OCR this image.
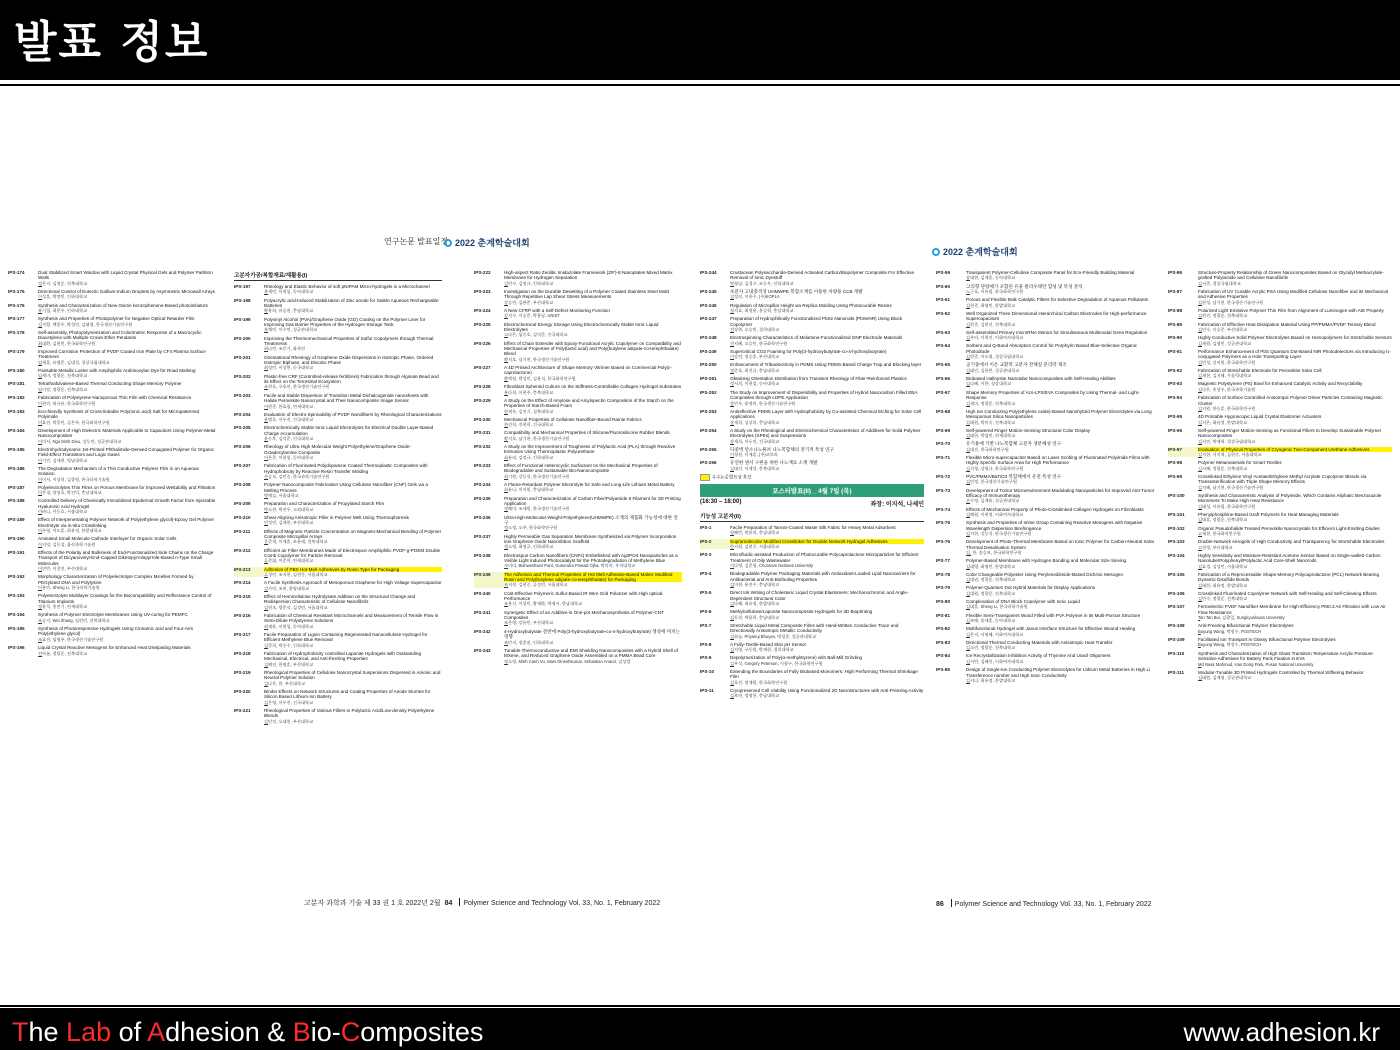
발표 정보
연구논문 발표일정 2022 춘계학술대회
IPS-174	Dual Stabilized Smart Window with Liquid Crystal Physical Gels and Polymer Partition Walls
정은지, 김정운, 전북대학교
IPS-175	Directional Control of Eutectic Gallium-Indium Droplets by Asymmetric Microwall Arrays
이성훈, 박정민, 인하대학교
IPS-176	Synthesis and Characterization of New Oxime benzophenone-Based photoinitiators
유기철, 최준우, 인하대학교
IPS-177	Synthesis and Properties of Photopolymer for Negative Optical Retarder Film
김가람, 백종우, 박성민, 김태형, 한국생산기술연구원
IPS-178	Self-assembly, Photopolymerization and Colorimetric Response of a Macrocyclic Diacetylene with Multiple Crown Ether Pendants
최대환, 김현민, 한국화학연구원
IPS-179	Improved Corrosion Protection of PVDF Coated Iron Plate by CF4 Plasma Surface Treatment
임재훈, 유형준, 김대성, 경상국립대학교
IPS-180	Paintable Metallic Luster with Amphiphilic Arabinoxylan Dye for Road Marking
임세미, 정광운, 전북대학교
IPS-181	Tetrathiafulvalene-Based Thermal Conducting Shape Memory Polymer
임이장, 정광운, 전북대학교
IPS-182	Fabrication of Polystyrene Nanoporous Thin Film with Chemical Resistance
이현진, 허규용, 한국화학연구원
IPS-183	Eco-friendly Synthesis of Cross-linkable Poly(ionic acid) Salt for Micropatterned Polyimide
이효진, 박종민, 김은주, 한국화학연구원
IPS-184	Development of High Dielectric Materials Applicable to Capacitors Using Polymer-Metal Nanocomposites
이미서, Ngo Minh Dieu, 강동연, 성균관대학교
IPS-185	Electrohydrodynamic Jet-Printed Phthalimide-Derived Conjugated Polymer for Organic Field-Effect Transistors and Logic Gates
이기연, 김세현, 영남대학교
IPS-186	The Degradation Mechanism of a Thin Conductive Polymer Film in an Aqueous Solution
이미서, 이상희, 김종원, 한국과학기술원
IPS-187	Polyelectrolytes Thin Films on Porous Membrane for Improved Wettability and Filtration
이은경, 양성호, 박진덕, 충남대학교
IPS-188	Controlled Delivery of Chemically Immobilized Epidermal Growth Factor from Injectable Hyaluronic Acid Hydrogel
이바니, 이동호, 서울대학교
IPS-189	Effect of Interpenetrating Polymer Network of Poly(ethylene glycol)-Epoxy Gel Polymer Electrolyte via in-situ Crosslinking
이우영, 이도훈, 최유정, 한밭대학교
IPS-190	Aminated Small Molecule Cathode Interlayer for Organic Solar Cells
이지녕, 김동섭, 울산과학기술원
IPS-191	Effects of the Polarity and Bulkiness of End-Functionalized Side Chains on the Charge Transport of Dicyanovinyl-End-Capped Diketopyrrolopyrrole-Based n-Type Small Molecules
이민빈, 이창진, 부산대학교
IPS-192	Morphology Characterization of Polyelectrolyte Complex Micelles Formed by PEGylated DNA and Polylysine
이용민, Sheng Li, 한국과학기술원
IPS-193	Polyelectrolyte Multilayer Coatings for the Biocompatibility and Reflectance Control of Titanium Implants
정윤석, 홍진기, 연세대학교
IPS-194	Synthesis of Polymer Electrolyte Membranes Using UV-curing for PEMFC
조승지, Wei Zhang, 임현빈, 전북대학교
IPS-195	Synthesis of Photoresponsive Hydrogels Using Cinnamic acid and Four-Arm Poly(ethylene glycol)
조효진, 임영주, 한국생산기술연구원
IPS-196	Liquid Crystal Reactive Mesogens for Enhanced Heat Dissipating Materials
전아름, 정광운, 전북대학교
고분자가공/복합재료/재활용(I)
IPS-197	Rheology and Elastic Behavior of soft pNIPAM Micro-hydrogels in a Microchannel
홍세민, 이현섭, 동아대학교
IPS-198	Polyacrylic acid-Induced Stabilization of Zinc anode for Stable Aqueous Rechargeable Batteries
황윤하, 유승현, 충남대학교
IPS-199	Polyvinyl Alcohol (PVA)/Graphene Oxide (GO) Coating on the Polymer Liner for Improving Gas Barrier Properties of the Hydrogen Storage Tank
홍채빈, 이수연, 성균관대학교
IPS-200	Improving the Thermomechanical Properties of Sulfur Copolymers through Thermal Treatments
최나린, 조문기, 화학연
IPS-201	Orientational Rheology of Graphene Oxide Dispersions in Isotropic Phase, Ordered Isotropic Biphase, and Discotic Phase
최성민, 이창현, 동국대학교
IPS-202	Plastic-free CRF (Controlled-release fertilizers) Fabrication through Alginate Bead and its Effect on the Terrestrial Ecosystem
조현호, 구호연, 한국생산기술연구원
IPS-203	Facile and Stable Dispersion of Transition Metal Dichalcogenide nanosheets with Halide Perovskite Nanocrystal and Their Nanocomposite Image Sensor
이현준, 한효철, 연세대학교
IPS-204	Evaluation of Electro-Spinnability of PVDF Nanofibers by Rheological Characterizations
윤병호, 이두진, 건국대학교
IPS-205	Electrochemically Stable Ionic Liquid Electrolytes for Electrical Double Layer-Based Charge Accumulation
윤동후, 김덕준, 건국대학교
IPS-206	Rheology of Ultra High Molecular Weight Polyethylene/Graphene Oxide-Octadecylamine Composite
이은준, 이현섭, 동아대학교
IPS-207	Fabrication of Fluorinated Polydopamine Coated Thermoplastic Composites with Hydrophobicity by Reactive Resin Transfer Molding
손승모, 김민중, 한국과학기술연구원
IPS-208	Polymer Nanocomposite Fabrication Using Cellulose Nanofiber (CNF) Gels via a Melting Process
박예슬, 서울대학교
IPS-209	Preparation and Characterization of Propylated Starch Film
박소현, 박진우, 고려대학교
IPS-210	Shear Aligning Anisotropic Filler in Polymer Melt Using Thermophoresis
민성연, 김재현, 부산대학교
IPS-211	Effects of Magnetic Particle Concentration on Magneto-Mechanical Bending of Polymer Composite Micropillar Arrays
문준혁, 이재훈, 조용래, 전북대학교
IPS-212	Efficient air Filter Membranes Made of Electrospun Amphiphilic PVDF-g-POEM Double Comb Copolymer for Particle Removal
류준휘, 이준희, 연세대학교
IPS-213	Adhesion of PBS Hot-Melt Adhesives by Rosin Type for Packaging
류성민, 조지현, 김현중, 서울대학교
IPS-214	A Facile Synthesis Approach of Mesoporous Graphene for High Voltage Supercapacitor
김가연, 조현, 한양대학교
IPS-215	Effect of Hemicellulose Hydrolysate Addition on the Structural Change and Redispersion Characteristic of Cellulose Nanofibrils
김현오, 방준식, 김경민, 서울대학교
IPS-216	Fabrication of Chemical Resistant Microchannels and Measurement of Tensile Flow in Semi-Dilute Polystyrene Solutions
최재윤, 이현섭, 동아대학교
IPS-217	Facile Preparation of Lignin Containing Regenerated Nanocellulose Hydrogel for Efficient Methylene Blue Removal
김준희, 박중수, 인하대학교
IPS-218	Fabrication of Hydrophobicity controlled Laponite Hydrogels with Outstanding Mechanical, Electrical, and Anti-freezing Properties
김해진, 한영훈, 부산대학교
IPS-219	Rheological Properties of Cellulose Nanocrystal Suspensions Dispersed in Anionic and Neutral Polymer Solution
김나은, 한, 부산대학교
IPS-220	Binder Effects on Network Structures and Coating Properties of Anode Slurries for Silicon Based Lithium-Ion Battery
김은영, 이두진, 건국대학교
IPS-221	Rheological Properties of Various Fillers in Polylactic Acid/Low-density Polyethylene Blends
김민진, 오대현, 부산대학교
IPS-222	High-aspect Ratio Zeolitic Imidazolate Framework (ZIF)-8 Nanoplates Mixed Matrix Membrane for Hydrogen Separation
김민수, 김정규, 인하대학교
IPS-223	Investigation on the Durable Dewetting of a Polymer Coated Stainless Steel Mold Through Repetitive Lap Shear Stress Measurements
강승연, 김판준, 부산대학교
IPS-224	A New CFRP with a Self-Defect Monitoring Function
강지수, 이승준, 박용남, UNIST
IPS-225	Electrochemical Energy Storage Using Electrochemically Stable Ionic Liquid Electrolytes
고다은, 임동호, 김덕준, 건국대학교
IPS-226	Effect of Chain Extender with Epoxy-Functional Acrylic Copolymer on Compatibility and Mechanical Properties of Poly(lactic acid) and Poly(butylene adipate-co-terephthalate) Blend
황지호, 남기현, 한국생산기술연구원
IPS-227	A 4D Printed Architecture of Shape Memory Vitrimer Based on Commercial Poly(ε-caprolactone)
황예원, 박성민, 김용석, 한국화학연구원
IPS-228	Fibroblast Spheroid Culture on the Stiffness-Controllable Collagen Hydrogel Substrates
홍다희, 이현주, 충북대학교
IPS-229	A Study on the Effect of Amylose and Amylopectin Composition of the Starch on the Properties of Starch-Based Foam
한재우, 김진기, 경북대학교
IPS-230	Mechanical Properties of Cellulose Nanofiber-Bound Ramie Fabrics
한선희, 진현희, 건국대학교
IPS-231	Compatibility and Mechanical Properties of Silicone/Fluorosilicone Rubber Blends
황지호, 남기현, 한국생산기술연구원
IPS-232	A Study on the Improvement of Toughness of Polylactic Acid (PLA) through Reactive Extrusion Using Thermoplastic Polyurethane
최유리, 김정규, 인하대학교
IPS-233	Effect of Functional Heterocyclic Surfactant on the Mechanical Properties of Biodegradable and Sustainable Bio-Nanocomposite
최기원, 강동석, 한국생산기술연구원
IPS-234	A Flame-Retardant Polymer Electrolyte for Safe and Long-Life Lithium Metal Battery
최유나, 이지원, 충남대학교
IPS-235	Preparation and Characterization of Carbon Fiber/Polyamide 6 Filament for 3D Printing Application
정혜미, 조세원, 한국생산기술연구원
IPS-236	Ultra-High-Molecular-Weight-Polyethylene(UHMWPE) 소재의 제품화 가능성에 대한 연구
정소정, 오주, 한국화학연구원
IPS-237	Highly Permeable Gas Separation Membrane Synthesized via Polymer Incorporation into Graphene Oxide Nanoribbon Scaffold
정소영, 최정균, 인하대학교
IPS-238	Electrospun Carbon Nanofibers (CNFs) Embellished with Ag3PO4 Nanoparticles as a Visible Light Induced Photocatalyst for the Photodegradation of Methylene Blue
자미라, Bishweshwar Pant, Gunendra Prasad Ojha, 박미라, 우석대학교
IPS-239	The Adhesion and Thermal Properties of Hot Melt Adhesive-Based Maleic Modified Rosin and Poly(butylene adipate-co-terephthalate) for Packaging
조지현, 김현중, 류성민, 서울대학교
IPS-240	Cost-Effective Polymeric Sulfur-Based IR Wire Grid Polarizer with High optical Performance
조용신, 이성민, 황재환, 박재서, 한남대학교
IPS-241	Synergetic Effect of an Additive in One-pot Mechanosynthesis of Polymer-CNT Composites
조은영, 강유민, 부산대학교
IPS-242	4-Hydroxybutyrate 전반에 Poly(3-hydroxybutyrate-co-4-hydroxybutyrate) 생성에 미치는 영향
조민지, 정종권, 인하대학교
IPS-243	Tunable Thermoconductive and EMI Shielding Nanocomposites with a Hybrid Shell of MXene, and Reduced Graphene Oxide Assembled on a PMMA Bead Core
정소영, Minh Canh Vu, Mani Dineshkumar, Sebastian Anand, 김성렬
고분자 과학과 기술 제 33 권 1 호 2022년 2월 84 Polymer Science and Technology Vol. 33, No. 1, February 2022
IPS-244	Crustacean Polysaccharide-Derived Activated Carbon/Biopolymer Composite For Effective Removal of Ionic Dyestuff
박형남, 김경구, 조동우, 인하대학교
IPS-245	초분자 고내충격성 UHMWPE 복합소재를 이용한 차량용 CCB 개발
김성진, 이홍수, (주)KOPLA
IPS-246	Regulation of Micropillar Height via Replica Molding Using Photocurable Resins
정지효, 최정윤, 홍승혁, 충남대학교
IPS-247	Preparation of Hydrophilically Functionalized PbSe Nanorods (PbSeNR) Using Block Copolymer
전상현, 오승민, 경희대학교
IPS-248	Electrospinning Characteristics of Melamine-Functionalized GNP Electrode Materials
진지혜, 오승민, 한국화학연구원
IPS-249	Supercritical CO2 Foaming for Poly(3-hydroxybutyrate-co-4-hydroxybutyrate)
이강연, 정승훈, 부산대학교
IPS-250	Enhancement of Triboelectricity in PDMS Using PDMS-Based Charge Trap and Blocking layer
정준호, 최진규, 충남대학교
IPS-251	Obtaining Orientation Distribution from Transient Rheology of Fiber-Reinforced Plastics
정서희, 이현섭, 동아대학교
IPS-252	The Study on Improvement of Dispersibility and Properties of Hybrid Nanocarbon Filled EBA Composites through LDPE Application
장민우, 윤정민, 한국생산기술연구원
IPS-253	Antireflective PDMS Layer with Hydrophobicity by Cu-assisted Chemical Etching for Solar Cell Applications
장세희, 김상희, 충남대학교
IPS-254	A Study on the Rheological and Electrochemical Characteristics of Additives for Solid Polymer Electrolytes (SPEs) and Suspensions
장세희, 이두진, 건국대학교
IPS-255	다중벽 탄소나노튜브 나노복합체의 전기적 특성 연구
이청원, 이재훈, (주)코브라
IPS-256	유연한 센서 구현을 위한 나노재료 소재 개발
김대진, 이재성, 충북대학교
우수논문발표상 후보
포스터발표(II) _ 4월 7일 (목)
(16:30 – 18:00)	좌장: 이지석, 나세인
기능성 고분자(II)
IPS-1	Facile Preparation of Tannin-Coated Waste Silk Fabric for Heavy Metal Adsorbent
정혜빈, 박윤희, 충남대학교
IPS-2	Supramolecular Modified Crosslinker for Double Network Hydrogel Adhesives
한지원, 김현중, 서울대학교
IPS-3	Microfluidic-assisted Production of Photocurable Polycaprolactone Microparticles for Efficient Treatment of Oily Wastewater
이다영, 김준형, Chonnam National University
IPS-4	Biodegradable Polymer Packaging Materials with Antioxidant-Loaded Lipid Nanocarriers for Antibacterial and Anti-Biofouling Properties
김미현, 윤진수, 충남대학교
IPS-5	Direct Ink Writing of Cholesteric Liquid Crystal Elastomers: Mechanochromic and Angle-Dependent Structural Color
김다혜, 최유정, 한밭대학교
IPS-6	Methylcellulose/Laponite Nanocomposite Hydrogels for 3D Bioprinting
김동현, 박윤희, 충남대학교
IPS-7	Stretchable Liquid Metal Composite Films with Hand-Written Conductive Trace and Directionally Anisotropic Metallic Conductivity
김하늘, Priyanuj Bhuyan, 박성준, 성균관대학교
IPS-8	A Fully-Textile-Based Skin pH Sensor
김지영, 구동원, 박재현, 경희대학교
IPS-9	Depolymerization of Poly(α-methylstyrene) with Ball-Mill Grinding
김우석, Gregory Peterson, 이향구, 한국화학연구원
IPS-10	Extending the Boundaries of Fully Biobased Monomers: High Performing Thermal Shrinkage Film
김호진, 정재원, 한국화학연구원
IPS-11	Cryopreserved Cell Viability Using Functionalized 2D Nanostructures with Anti-Freezing Activity
김보연, 정영헌, 충남대학교
2022 춘계학술대회
IPS-59	Transparent Polymer-Cellulose Composite Panel for Eco-Friendly Building Material
송대현, 김재훈, 동아대학교
IPS-60	고리형 단량체가 포함된 유용 폴리우레탄 합성 및 특성 분석
노근호, 이유림, 한국화학연구원
IPS-61	Porous and Flexible Bulk Catalytic Filters for Selective Degradation of Aqueous Pollutants
김현준, 최영민, 한밭대학교
IPS-62	Well Organized Three Dimensional Hierarchical Carbon Electrodes for High-performance Supercapacitors
김현준, 김현선, 전북대학교
IPS-63	Self-assembled Primary microRNA Mimics for Simultaneous Multimodal Gene Regulation
김주아, 이혁진, 이화여자대학교
IPS-64	Sorbent and Q-Band Absorption Control for Porphyrin Based Blue-Selective Organic Photodiode
김현준, 이도영, 경상국립대학교
IPS-65	공기중에서 이온 교환막 고분자 전해질 분리막 제조
김태인, 김용빈, 성균관대학교
IPS-66	Biobased Halloysite Nanotube Nanocomposites with Self-Healing Abilities
김다혜, 이한, 경상대학교
IPS-67	Shape Memory Properties of Azo-LPS/EVA Composites by Using Thermal- and Light-Response
김새미, 정광운, 전북대학교
IPS-68	High Ion Conducting Poly(ethylene oxide)-Based Nanohybrid Polymer Electrolytes via Long Mesoporous Silica Nanoparticles
김태원, 박미숙, 전북대학교
IPS-69	Self-powered Finger Motion-Sensing Structural Color Display
김태헌, 박철민, 연세대학교
IPS-70	유기용매 기반 나노복합체 고분자 생분해성 연구
김대진, 한국화학연구원
IPS-71	Flexible Micro-supercapacitor Based on Laser Scribing of Fluorinated Polyimide Films with Highly Specific Surface Area for High Performance
김지형, 강형규, 한국화학연구원
IPS-72	PVC/PMMA/BaTiO3 복합체에서 유전 특성 연구
김민정, 한국생산기술연구원
IPS-73	Development of Tumor Microenvironment-Modulating Nanoparticles for Improved Anti-Tumor Efficacy of Immunotherapy
손수정, 김재윤, 성균관대학교
IPS-74	Effects of Mechanical Property of Photo-Crosslinked Collagen Hydrogels on Fibroblasts
김해원, 이현정, 이화여자대학교
IPS-75	Synthesis and Properties of Imine Group Containing Reactive Mesogens with Negative Wavelength Dispersion Birefringence
김지현, 강동석, 한국생산기술연구원
IPS-76	Development of Photo-Thermal Membrane Based on Ionic Polymer for Carbon-Neutral Solar Thermal Desalination System
김, 한, 송승보, 한국화학연구원
IPS-77	Polymer-Based Membrane with Hydrogen Bonding and Molecular Size Sieving
김대영, 최영민, 한밭대학교
IPS-78	Color Changeable Polyester Using Perylenediimide-Based Dichroic Mesogen
김대권, 정광운, 전북대학교
IPS-79	Polymer-Quantum Dot Hybrid Materials for Display Applications
김대원, 정광운, 전북대학교
IPS-80	Complexation of DNA Block Copolymer with Ionic Liquid
김대훈, Sheng Li, 한국과학기술원
IPS-81	Flexible Semi-Transparent Wood Filled with PVA Polymer in its Multi-Porous Structure
김보배, 송세훈, 동아대학교
IPS-82	Multifunctional Hydrogel with Janus Interface Structure for Effective Wound Healing
김은지, 서영혜, 이화여자대학교
IPS-83	Directional Thermal Conducting Materials with Anisotropic Heat Transfer
김소민, 정광운, 전북대학교
IPS-84	Ice Recrystallization Inhibition Activity of Thymine And Uracil Oligomers
김서란, 김혜진, 이화여자대학교
IPS-85	Design of Single-Ion Conducting Polymer Electrolytes for Lithium Metal Batteries in High Li Transference number and High Ionic Conductivity
김지나, 최유정, 한밭대학교
IPS-86	Structure-Property Relationship of Green Nanocomposites Based on Glycidyl Methacrylate-grafted Polylactide and Cellulose Nanofibrils
김서준, 경상국립대학교
IPS-87	Fabrication of UV Curable Acrylic PSA Using Modified Cellulose Nanofiber and its Mechanical and Adhesive Properties
김현성, 남기현, 한국생산기술연구원
IPS-88	Polarized Light Emissive Polymer Thin Film from Alignment of Luminogen with AIE Property
김현진, 정광운, 전북대학교
IPS-89	Fabrication of Effective Heat Dissipation Material Using PP/PMMA/PVDF Ternary Blend
김민수, 이승준, 부산대학교
IPS-90	Highly Conductive Solid Polymer Electrolytes Based on Homopolymers for Stretchable Sensors
김세원, 김영민, 성균관대학교
IPS-91	Performance Enhancement of PbS Quantum Dot-Based NIR Photodetectors via Introducing π-conjugated Polymers as a Hole Transporting Layer
김민성, 강지원, 한국화학연구원
IPS-92	Fabrication of Stretchable Electrode for Perovskite Solar Cell
김재현, 김지혜, 가톨릭대학교
IPS-93	Magnetic Polystyrene (PS) Bowl for Enhanced Catalytic Activity and Recyclability
김다은, 홍성우, 한국과학기술원
IPS-94	Fabrication of Surface Controlled Anisotropic Polymer Dimer Particles Containing Magnetic Cluster
김지원, 한동훈, 한국화학연구원
IPS-95	4D Printable Hygroscopic Liquid Crystal Elastomer Actuators
김지은, 최유정, 한밭대학교
IPS-96	Self-powered Finger Motion-Sensing as Functional Fillers to Develop Sustainable Polymer Nanocomposites
김지연, 박재혁, 경상국립대학교
IPS-97	Evaluation of Physical Properties of Cryogenic Two-Component Urethane Adhesives
김지현, 서지혁, 김현중, 서울대학교
IPS-98	Polymer Metamaterials for Smart Textiles
김지혜, 정광운, 전북대학교
IPS-99	Crosslinked Ethylene Vinyl Acetate/Ethylene Methyl Acrylate Copolymer Blends via Transesterification with Triple Shape Memory Effects
김지혜, 남기현, 한국생산기술연구원
IPS-100	Synthesis and Characteristic Analysis of Polyimide, Which Contains Aliphatic Benzoxazole Monomers To Make High Heat Resistance
김태성, 이유림, 한국화학연구원
IPS-101	Phenylphosphine-Based Graft Polymers for Heat Managing Materials
김태훈, 정광운, 전북대학교
IPS-102	Organic Pseudohalide Treated Perovskite Nanocrystals for Efficient Light-Emitting Diodes
고재현, 한국화학연구원
IPS-103	Double-Network Aerogels of High Conductivity and Transparency for Stretchable Electrodes
고현정, 부산대학교
IPS-104	Highly Sensitivity and Moisture-Resistant Acetone Sensor Based on Single-walled Carbon Nanotube/Polyphenyl/Polylactic Acid Core-Shell Nanorods
김효경, 김성민, 서울대학교
IPS-105	Fabrication of a Reprocessable Shape Memory Polycaprolactone (PCL) Network Bearing Dynamic Disulfide Bonds
김태한, 최유정, 한밭대학교
IPS-106	Crosslinked Fluorinated Copolymer Network with Self-Healing and Self-Cleaning Effects
김민수, 정광운, 전북대학교
IPS-107	Ferroelectric PVDF Nanofiber Membrane for High-Efficiency PM0.3 Air Filtration with Low Air Flow Resistance
Tan Tan Bui, 김광일, Sungkyunkwan University
IPS-108	Anti-Freezing Bifunctional Polymer Electrolytes
Buyung Wang, 박정수, POSTECH
IPS-109	Facilitated Ion Transport in Glassy Bifunctional Polymer Electrolytes
Buyung Wang, 박정수, POSTECH
IPS-110	Synthesis and Characterization of High Glass Transition Temperature Acrylic Pressure Sensitive Adhesives for Battery Pack Fixation in EVs
Md Nasir Mahmud, Han Dong Park, Pusan National University
IPS-111	Modular-Tunable 3D Printed Hydrogels Controlled by Thermal Stiffening Behavior
김태원, 김재형, 성균관대학교
86 Polymer Science and Technology Vol. 33, No. 1, February 2022
The Lab of Adhesion & Bio-Composites	www.adhesion.kr
